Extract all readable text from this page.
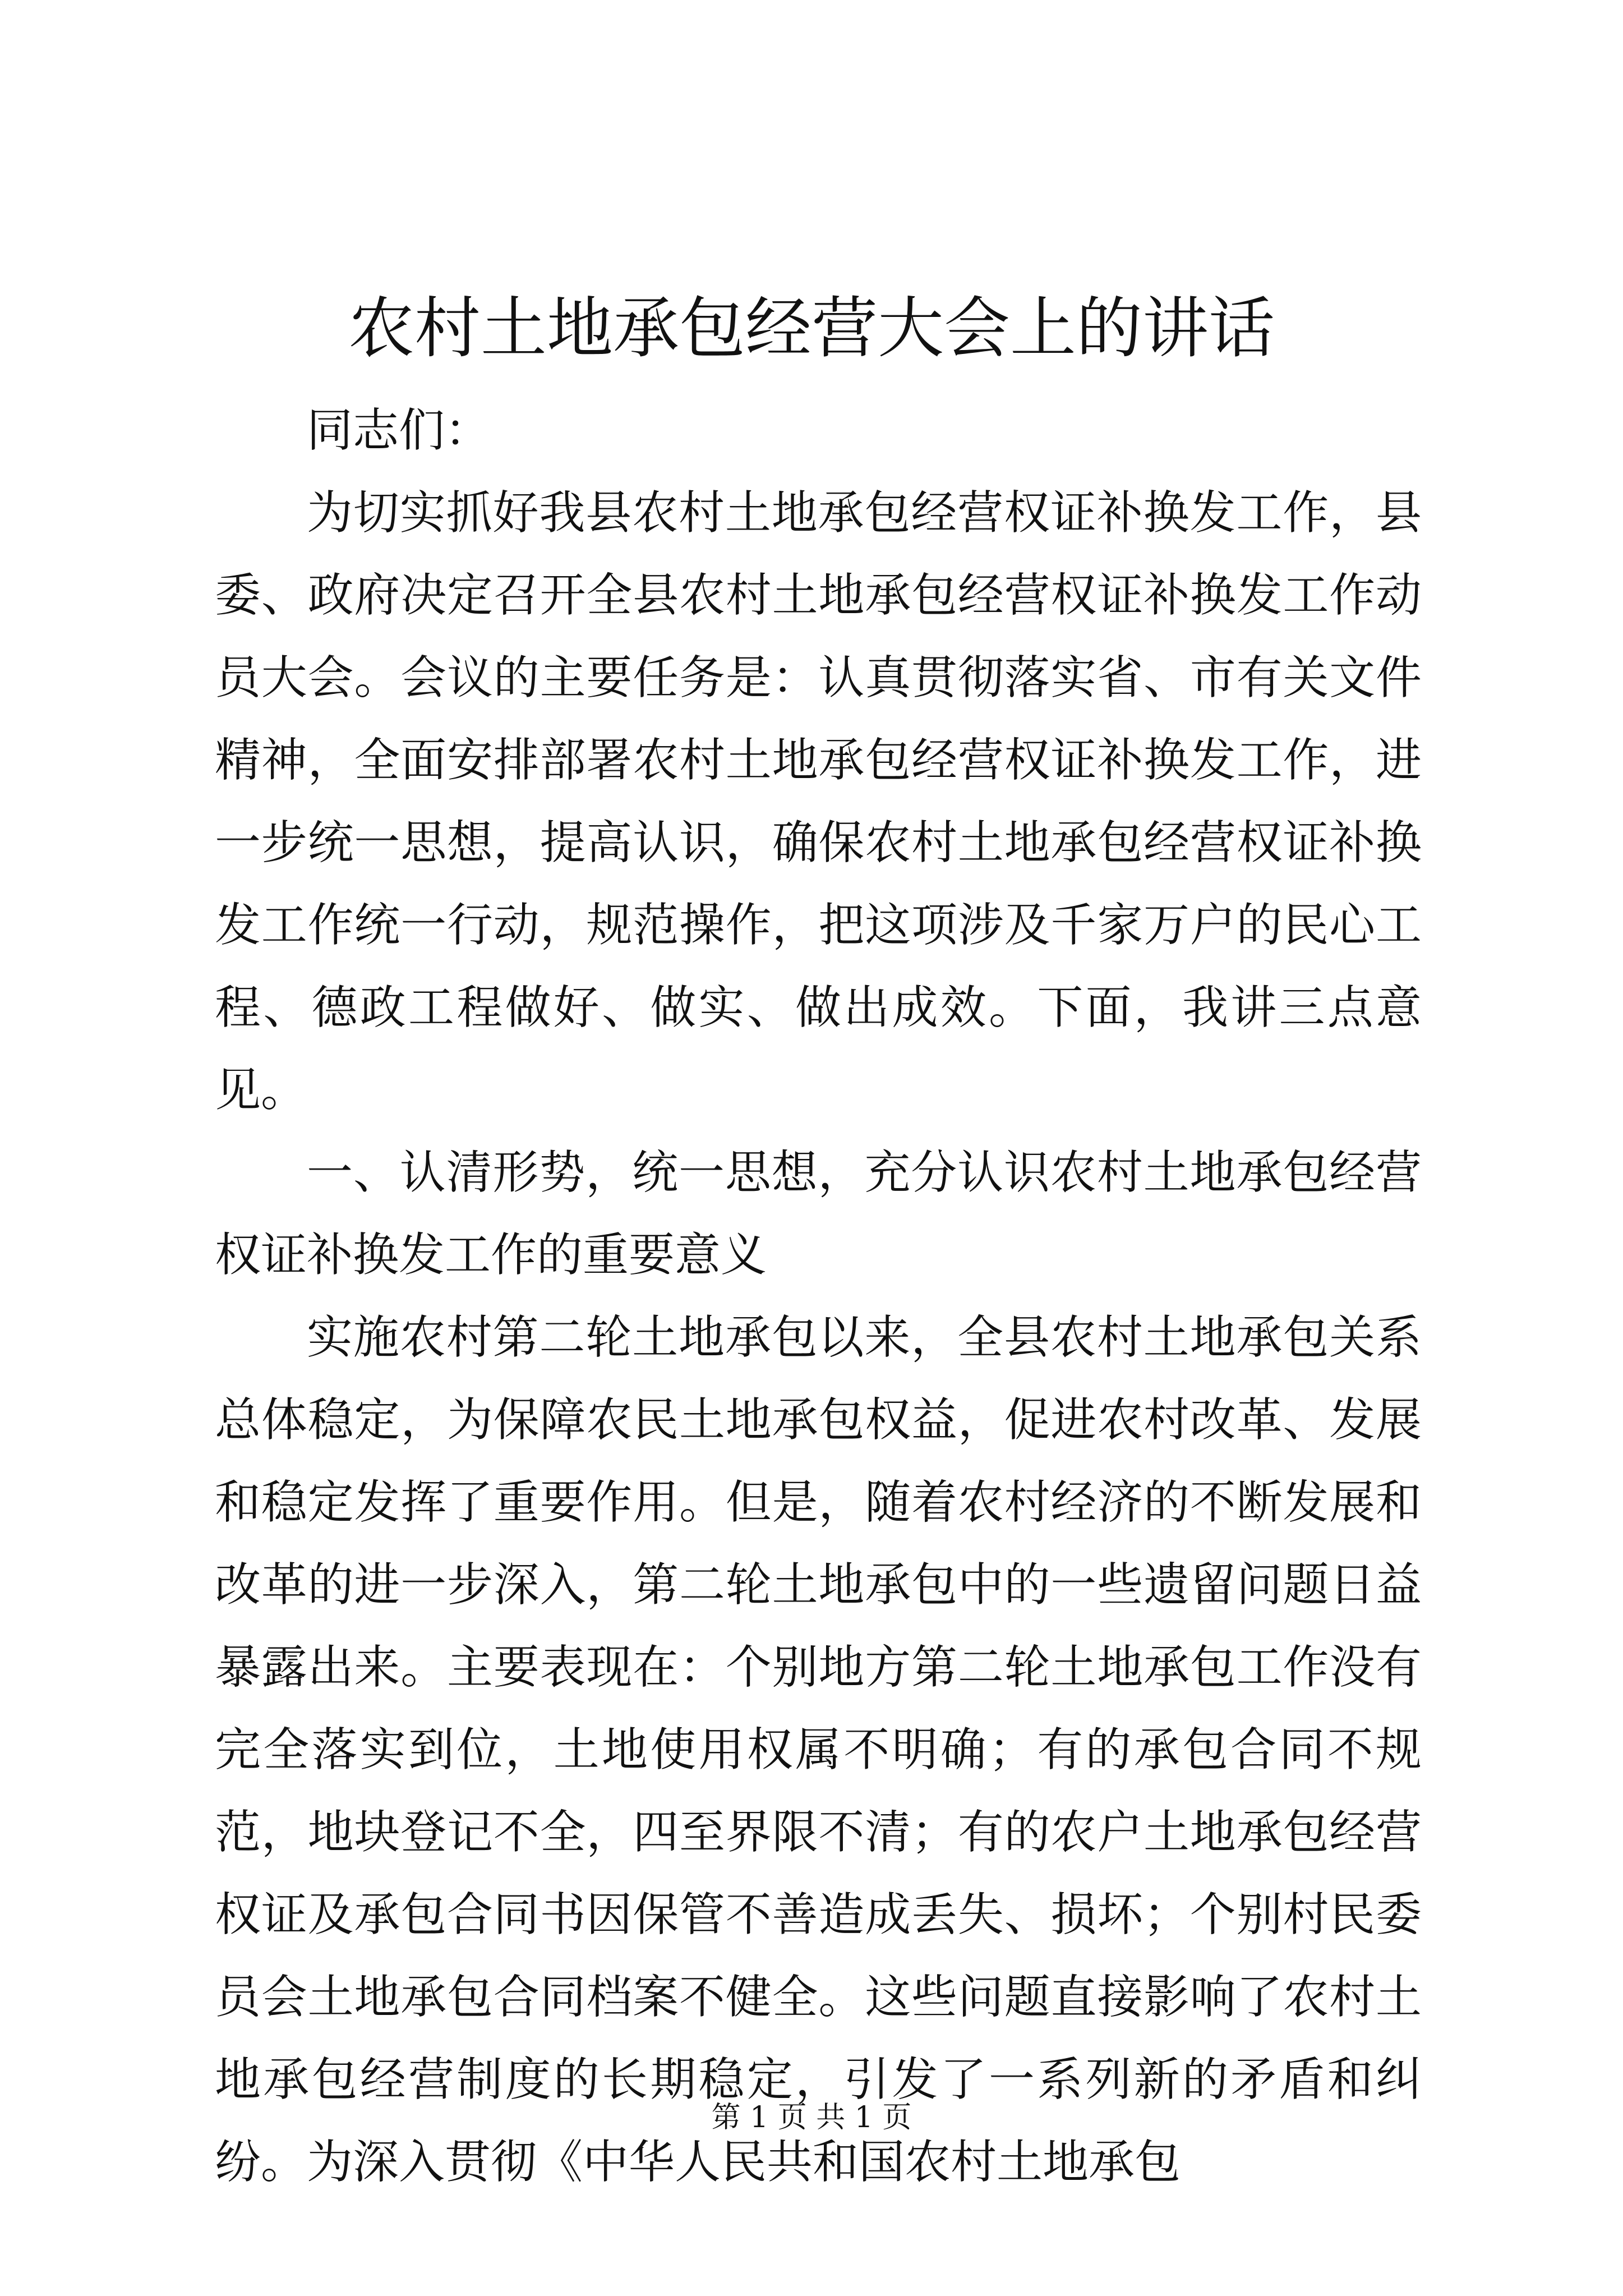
农村土地承包经营大会上的讲话

同志们：

为切实抓好我县农村土地承包经营权证补换发工作，县委、政府决定召开全县农村土地承包经营权证补换发工作动员大会。会议的主要任务是：认真贯彻落实省、市有关文件精神，全面安排部署农村土地承包经营权证补换发工作，进一步统一思想，提高认识，确保农村土地承包经营权证补换发工作统一行动，规范操作，把这项涉及千家万户的民心工程、德政工程做好、做实、做出成效。下面，我讲三点意见。

一、认清形势，统一思想，充分认识农村土地承包经营权证补换发工作的重要意义

实施农村第二轮土地承包以来，全县农村土地承包关系总体稳定，为保障农民土地承包权益，促进农村改革、发展和稳定发挥了重要作用。但是，随着农村经济的不断发展和改革的进一步深入，第二轮土地承包中的一些遗留问题日益暴露出来。主要表现在：个别地方第二轮土地承包工作没有完全落实到位，土地使用权属不明确；有的承包合同不规范，地块登记不全，四至界限不清；有的农户土地承包经营权证及承包合同书因保管不善造成丢失、损坏；个别村民委员会土地承包合同档案不健全。这些问题直接影响了农村土地承包经营制度的长期稳定，引发了一系列新的矛盾和纠纷。为深入贯彻《中华人民共和国农村土地承包

第 1 页 共 1 页
